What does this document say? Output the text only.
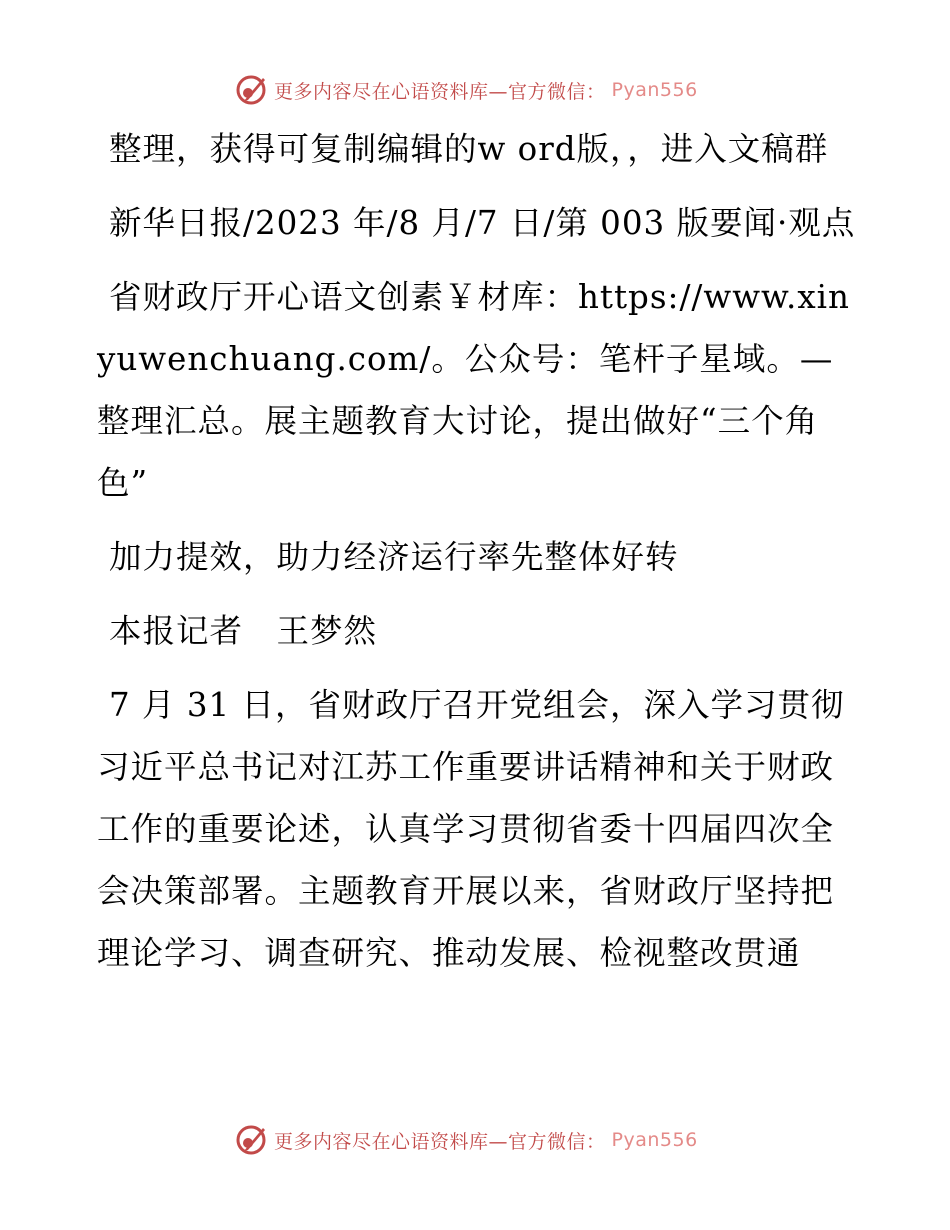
更多内容尽在心语资料库—官方微信： Pyan556

整理，获得可复制编辑的w ord版，，进入文稿群

新华日报/2023 年/8 月/7 日/第 003 版要闻·观点

省财政厅开心语文创素￥材库：https://www.xinyuwenchuang.com/。公众号：笔杆子星域。—整理汇总。展主题教育大讨论，提出做好“三个角色”

加力提效，助力经济运行率先整体好转

本报记者　王梦然

7 月 31 日，省财政厅召开党组会，深入学习贯彻习近平总书记对江苏工作重要讲话精神和关于财政工作的重要论述，认真学习贯彻省委十四届四次全会决策部署。主题教育开展以来，省财政厅坚持把理论学习、调查研究、推动发展、检视整改贯通

更多内容尽在心语资料库—官方微信： Pyan556
